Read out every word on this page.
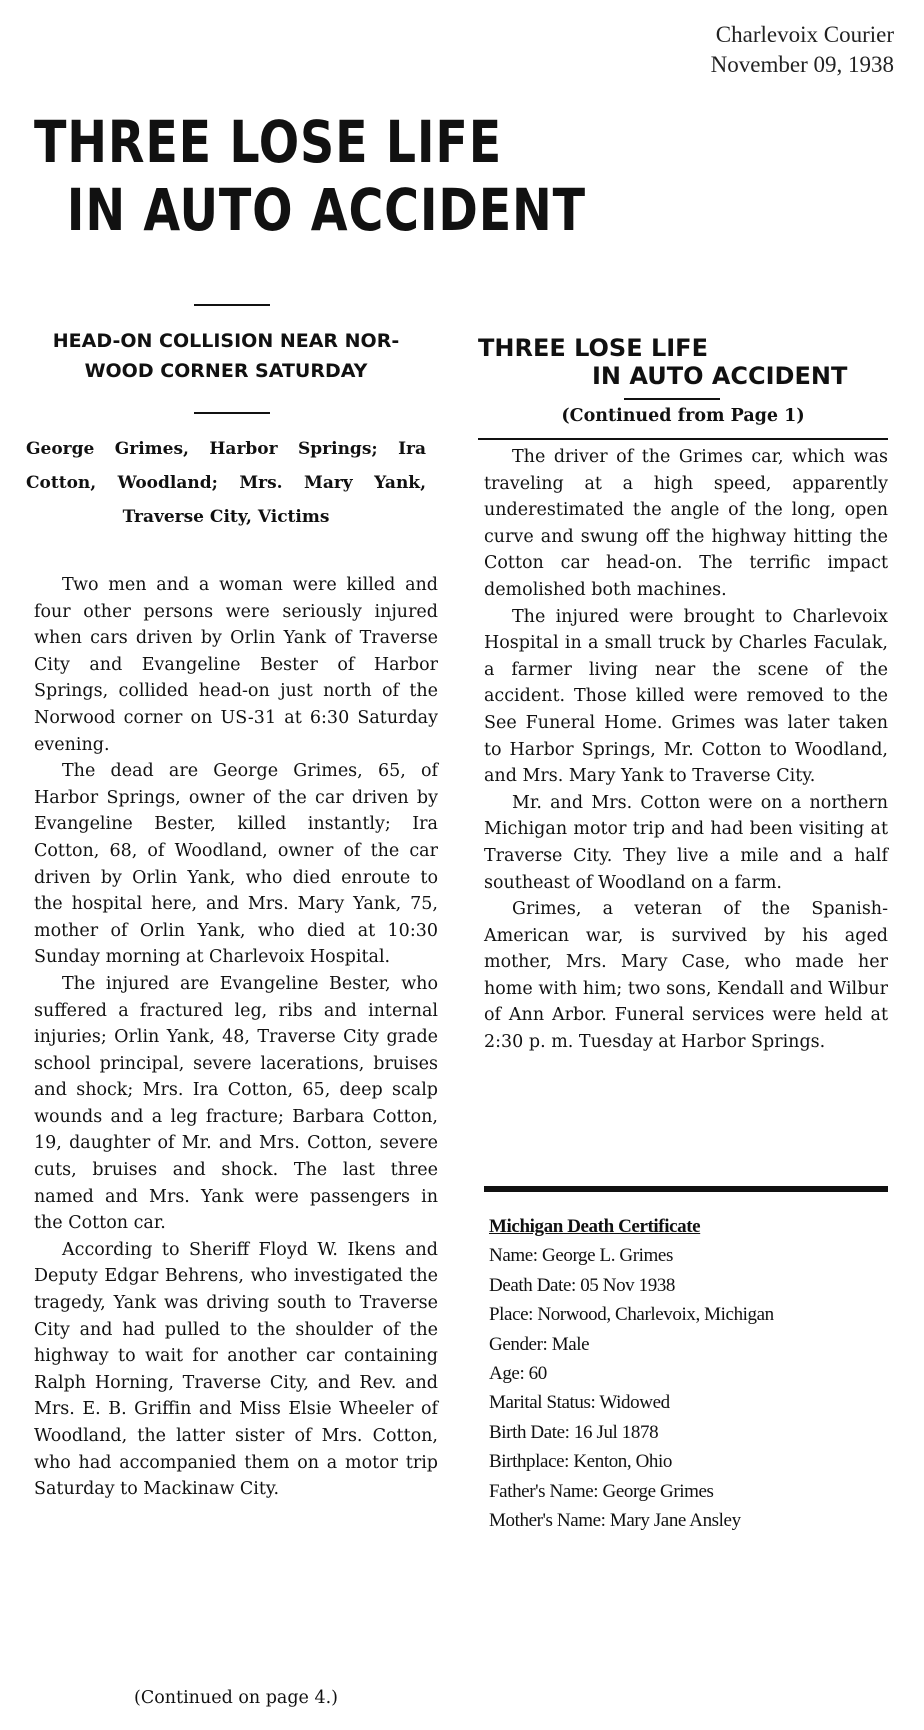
Charlevoix Courier
November 09, 1938
THREE LOSE LIFE
IN AUTO ACCIDENT
HEAD-ON COLLISION NEAR NOR-WOOD CORNER SATURDAY
George Grimes, Harbor Springs; Ira Cotton, Woodland; Mrs. Mary Yank, Traverse City, Victims

Two men and a woman were killed and four other persons were seriously injured when cars driven by Orlin Yank of Traverse City and Evangeline Bester of Harbor Springs, collided head-on just north of the Norwood corner on US-31 at 6:30 Saturday evening.

The dead are George Grimes, 65, of Harbor Springs, owner of the car driven by Evangeline Bester, killed instantly; Ira Cotton, 68, of Woodland, owner of the car driven by Orlin Yank, who died enroute to the hospital here, and Mrs. Mary Yank, 75, mother of Orlin Yank, who died at 10:30 Sunday morning at Charlevoix Hospital.

The injured are Evangeline Bester, who suffered a fractured leg, ribs and internal injuries; Orlin Yank, 48, Traverse City grade school principal, severe lacerations, bruises and shock; Mrs. Ira Cotton, 65, deep scalp wounds and a leg fracture; Barbara Cotton, 19, daughter of Mr. and Mrs. Cotton, severe cuts, bruises and shock. The last three named and Mrs. Yank were passengers in the Cotton car.

According to Sheriff Floyd W. Ikens and Deputy Edgar Behrens, who investigated the tragedy, Yank was driving south to Traverse City and had pulled to the shoulder of the highway to wait for another car containing Ralph Horning, Traverse City, and Rev. and Mrs. E. B. Griffin and Miss Elsie Wheeler of Woodland, the latter sister of Mrs. Cotton, who had accompanied them on a motor trip Saturday to Mackinaw City.

(Continued on page 4.)
THREE LOSE LIFE
IN AUTO ACCIDENT
(Continued from Page 1)

The driver of the Grimes car, which was traveling at a high speed, apparently underestimated the angle of the long, open curve and swung off the highway hitting the Cotton car head-on. The terrific impact demolished both machines.

The injured were brought to Charlevoix Hospital in a small truck by Charles Faculak, a farmer living near the scene of the accident. Those killed were removed to the See Funeral Home. Grimes was later taken to Harbor Springs, Mr. Cotton to Woodland, and Mrs. Mary Yank to Traverse City.

Mr. and Mrs. Cotton were on a northern Michigan motor trip and had been visiting at Traverse City. They live a mile and a half southeast of Woodland on a farm.

Grimes, a veteran of the Spanish-American war, is survived by his aged mother, Mrs. Mary Case, who made her home with him; two sons, Kendall and Wilbur of Ann Arbor. Funeral services were held at 2:30 p. m. Tuesday at Harbor Springs.

Michigan Death Certificate
Name: George L. Grimes
Death Date: 05 Nov 1938
Place: Norwood, Charlevoix, Michigan
Gender: Male
Age: 60
Marital Status: Widowed
Birth Date: 16 Jul 1878
Birthplace: Kenton, Ohio
Father's Name: George Grimes
Mother's Name: Mary Jane Ansley
